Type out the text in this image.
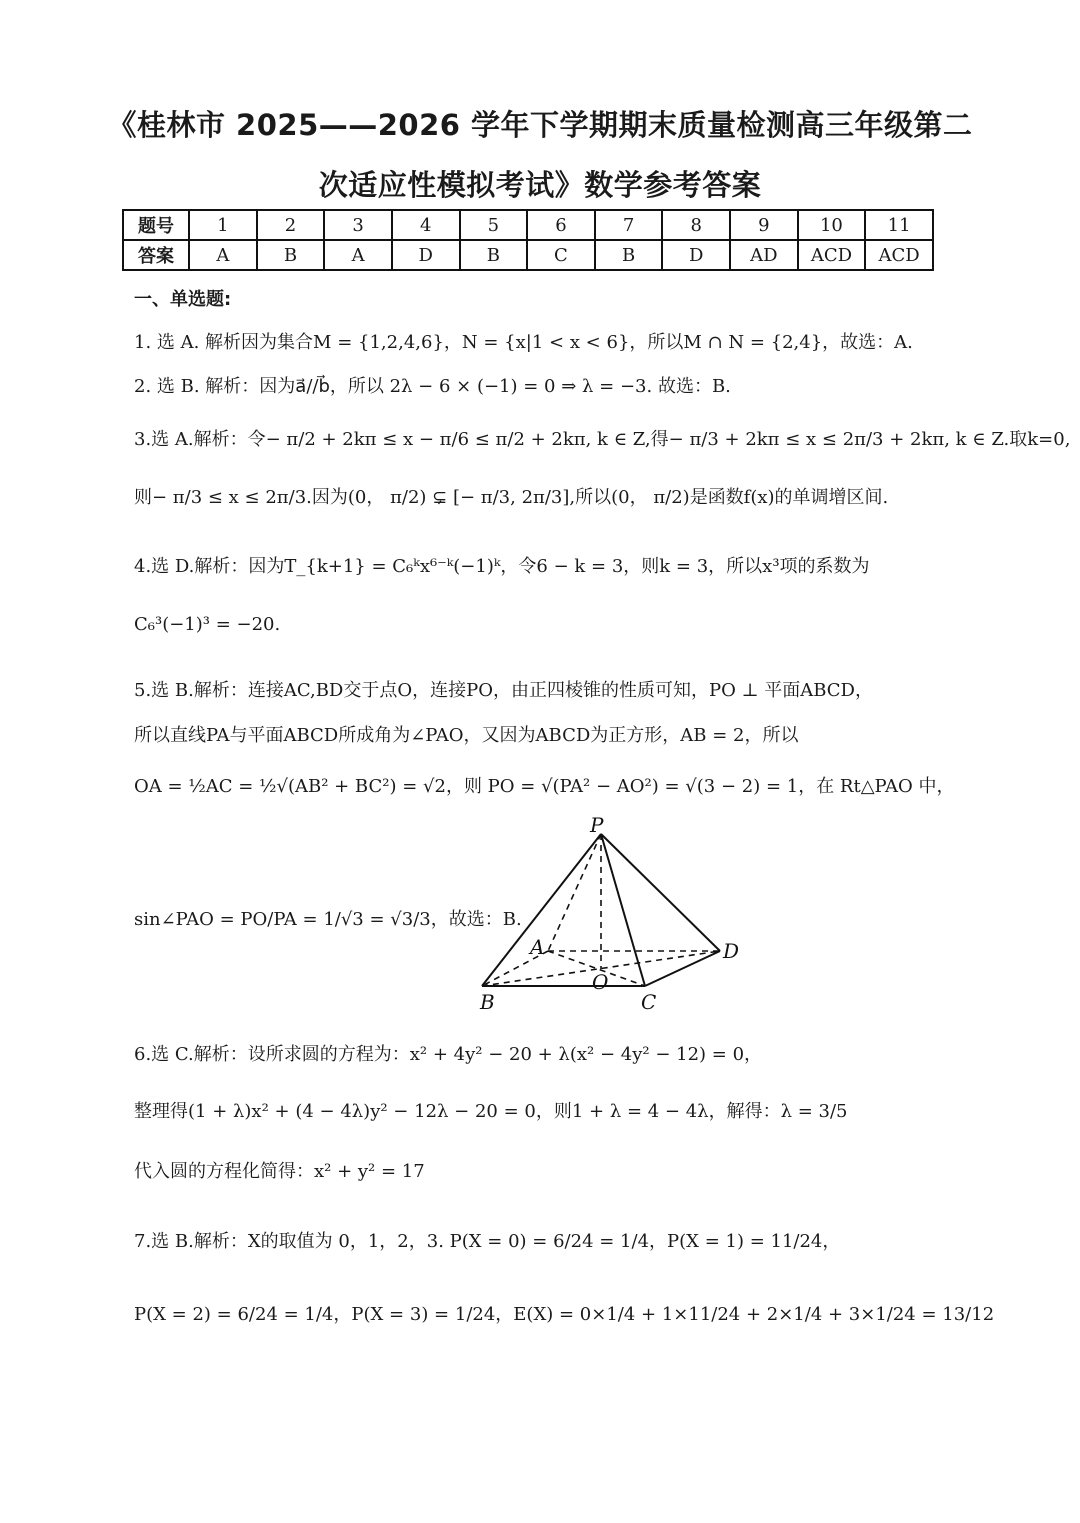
《桂林市 2025——2026 学年下学期期末质量检测高三年级第二
次适应性模拟考试》数学参考答案
题号	1	2	3	4	5	6	7	8	9	10	11
答案	A	B	A	D	B	C	B	D	AD	ACD	ACD
一、单选题:
1. 选 A. 解析因为集合M = {1,2,4,6}，N = {x|1 < x < 6}，所以M ∩ N = {2,4}，故选：A.
2. 选 B. 解析：因为a⃗//b⃗，所以 2λ − 6 × (−1) = 0 ⇒ λ = −3. 故选：B.
3.选 A.解析：令− π/2 + 2kπ ≤ x − π/6 ≤ π/2 + 2kπ, k ∈ Z,得− π/3 + 2kπ ≤ x ≤ 2π/3 + 2kπ, k ∈ Z.取k=0,
则− π/3 ≤ x ≤ 2π/3.因为(0， π/2) ⊊ [− π/3, 2π/3],所以(0， π/2)是函数f(x)的单调增区间.
4.选 D.解析：因为T_{k+1} = C₆ᵏx⁶⁻ᵏ(−1)ᵏ，令6 − k = 3，则k = 3，所以x³项的系数为
C₆³(−1)³ = −20.
5.选 B.解析：连接AC,BD交于点O，连接PO，由正四棱锥的性质可知，PO ⊥ 平面ABCD，
所以直线PA与平面ABCD所成角为∠PAO，又因为ABCD为正方形，AB = 2，所以
OA = ½AC = ½√(AB² + BC²) = √2，则 PO = √(PA² − AO²) = √(3 − 2) = 1，在 Rt△PAO 中，
sin∠PAO = PO/PA = 1/√3 = √3/3，故选：B.
P
A
B	C
D
O
6.选 C.解析：设所求圆的方程为：x² + 4y² − 20 + λ(x² − 4y² − 12) = 0，
整理得(1 + λ)x² + (4 − 4λ)y² − 12λ − 20 = 0，则1 + λ = 4 − 4λ，解得：λ = 3/5
代入圆的方程化简得：x² + y² = 17
7.选 B.解析：X的取值为 0，1，2，3. P(X = 0) = 6/24 = 1/4，P(X = 1) = 11/24，
P(X = 2) = 6/24 = 1/4，P(X = 3) = 1/24，E(X) = 0×1/4 + 1×11/24 + 2×1/4 + 3×1/24 = 13/12
